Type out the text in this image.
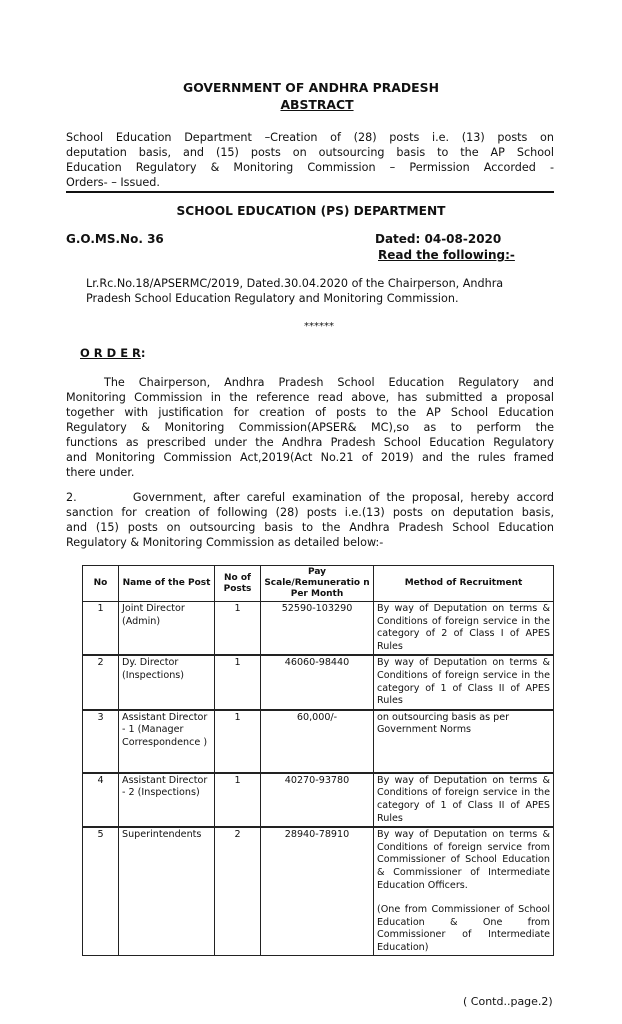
GOVERNMENT OF ANDHRA PRADESH
ABSTRACT
School Education Department –Creation of (28) posts i.e. (13) posts on
deputation basis, and (15) posts on outsourcing basis to the AP School
Education Regulatory & Monitoring Commission – Permission Accorded -
Orders- – Issued.
SCHOOL EDUCATION (PS) DEPARTMENT
G.O.MS.No. 36	Dated: 04-08-2020
Read the following:-
Lr.Rc.No.18/APSERMC/2019, Dated.30.04.2020 of the Chairperson, Andhra
Pradesh School Education Regulatory and Monitoring Commission.
******
O R D E R:
The Chairperson, Andhra Pradesh School Education Regulatory and
Monitoring Commission in the reference read above, has submitted a proposal
together with justification for creation of posts to the AP School Education
Regulatory & Monitoring Commission(APSER& MC),so as to perform the
functions as prescribed under the Andhra Pradesh School Education Regulatory
and Monitoring Commission Act,2019(Act No.21 of 2019) and the rules framed
there under.
2.        Government, after careful examination of the proposal, hereby accord
sanction for creation of following (28) posts i.e.(13) posts on deputation basis,
and (15) posts on outsourcing basis to the Andhra Pradesh School Education
Regulatory & Monitoring Commission as detailed below:-
No	Name of the Post	No of Posts	Pay Scale/Remuneratio n Per Month	Method of Recruitment
1	Joint Director (Admin)	1	52590-103290	By way of Deputation on terms & Conditions of foreign service in the category of 2 of Class I of APES Rules
2	Dy. Director (Inspections)	1	46060-98440	By way of Deputation on terms & Conditions of foreign service in the category of 1 of Class II of APES Rules
3	Assistant Director - 1 (Manager Correspondence )	1	60,000/-	on outsourcing basis as per Government Norms
4	Assistant Director - 2 (Inspections)	1	40270-93780	By way of Deputation on terms & Conditions of foreign service in the category of 1 of Class II of APES Rules
5	Superintendents	2	28940-78910	By way of Deputation on terms & Conditions of foreign service from Commissioner of School Education & Commissioner of Intermediate Education Officers.
(One from Commissioner of School Education & One from Commissioner of Intermediate Education)
( Contd..page.2)
